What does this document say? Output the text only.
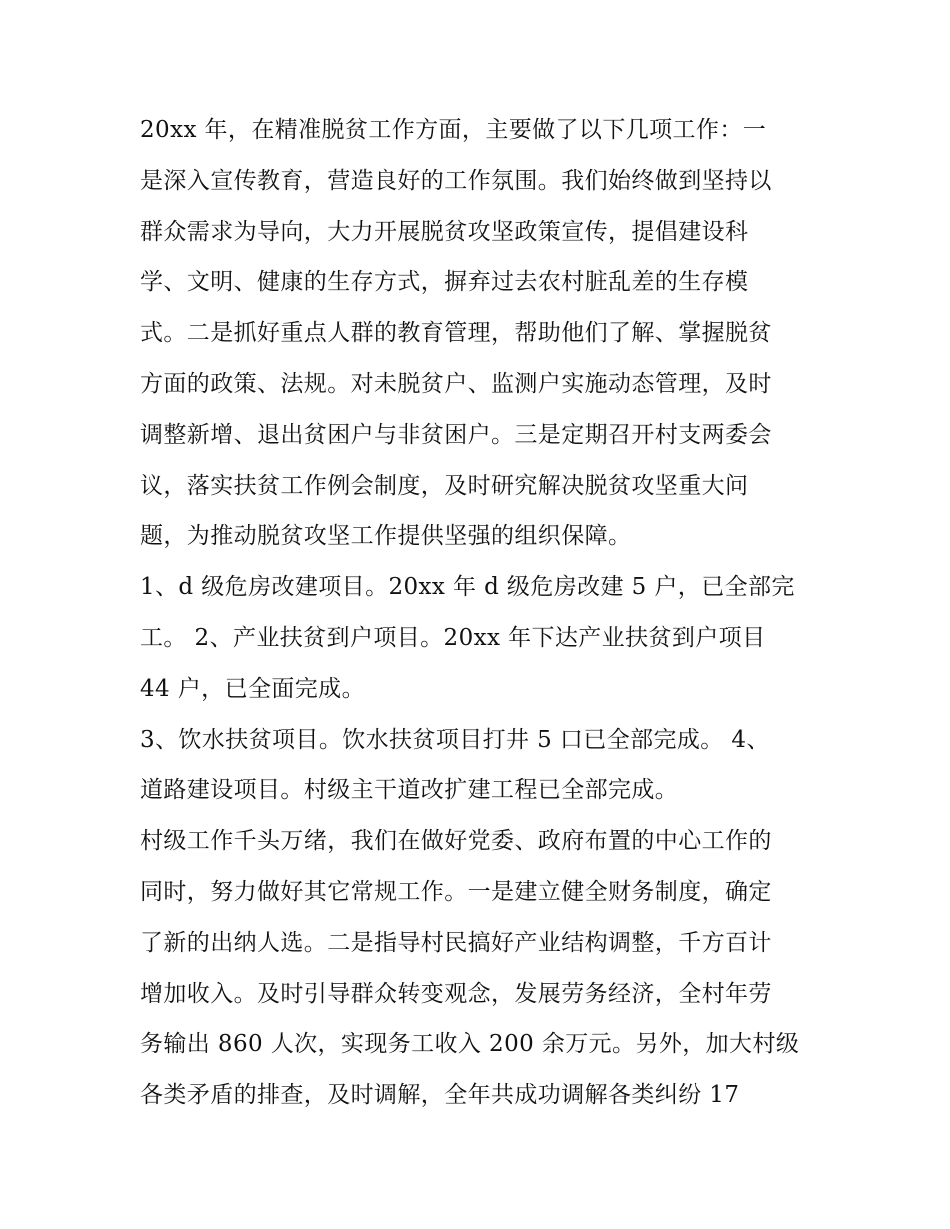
20xx 年，在精准脱贫工作方面，主要做了以下几项工作：一
是深入宣传教育，营造良好的工作氛围。我们始终做到坚持以
群众需求为导向，大力开展脱贫攻坚政策宣传，提倡建设科
学、文明、健康的生存方式，摒弃过去农村脏乱差的生存模
式。二是抓好重点人群的教育管理，帮助他们了解、掌握脱贫
方面的政策、法规。对未脱贫户、监测户实施动态管理，及时
调整新增、退出贫困户与非贫困户。三是定期召开村支两委会
议，落实扶贫工作例会制度，及时研究解决脱贫攻坚重大问
题，为推动脱贫攻坚工作提供坚强的组织保障。
1、d 级危房改建项目。20xx 年 d 级危房改建 5 户，已全部完
工。 2、产业扶贫到户项目。20xx 年下达产业扶贫到户项目
44 户，已全面完成。
3、饮水扶贫项目。饮水扶贫项目打井 5 口已全部完成。 4、
道路建设项目。村级主干道改扩建工程已全部完成。
村级工作千头万绪，我们在做好党委、政府布置的中心工作的
同时，努力做好其它常规工作。一是建立健全财务制度，确定
了新的出纳人选。二是指导村民搞好产业结构调整，千方百计
增加收入。及时引导群众转变观念，发展劳务经济，全村年劳
务输出 860 人次，实现务工收入 200 余万元。另外，加大村级
各类矛盾的排查，及时调解，全年共成功调解各类纠纷 17
